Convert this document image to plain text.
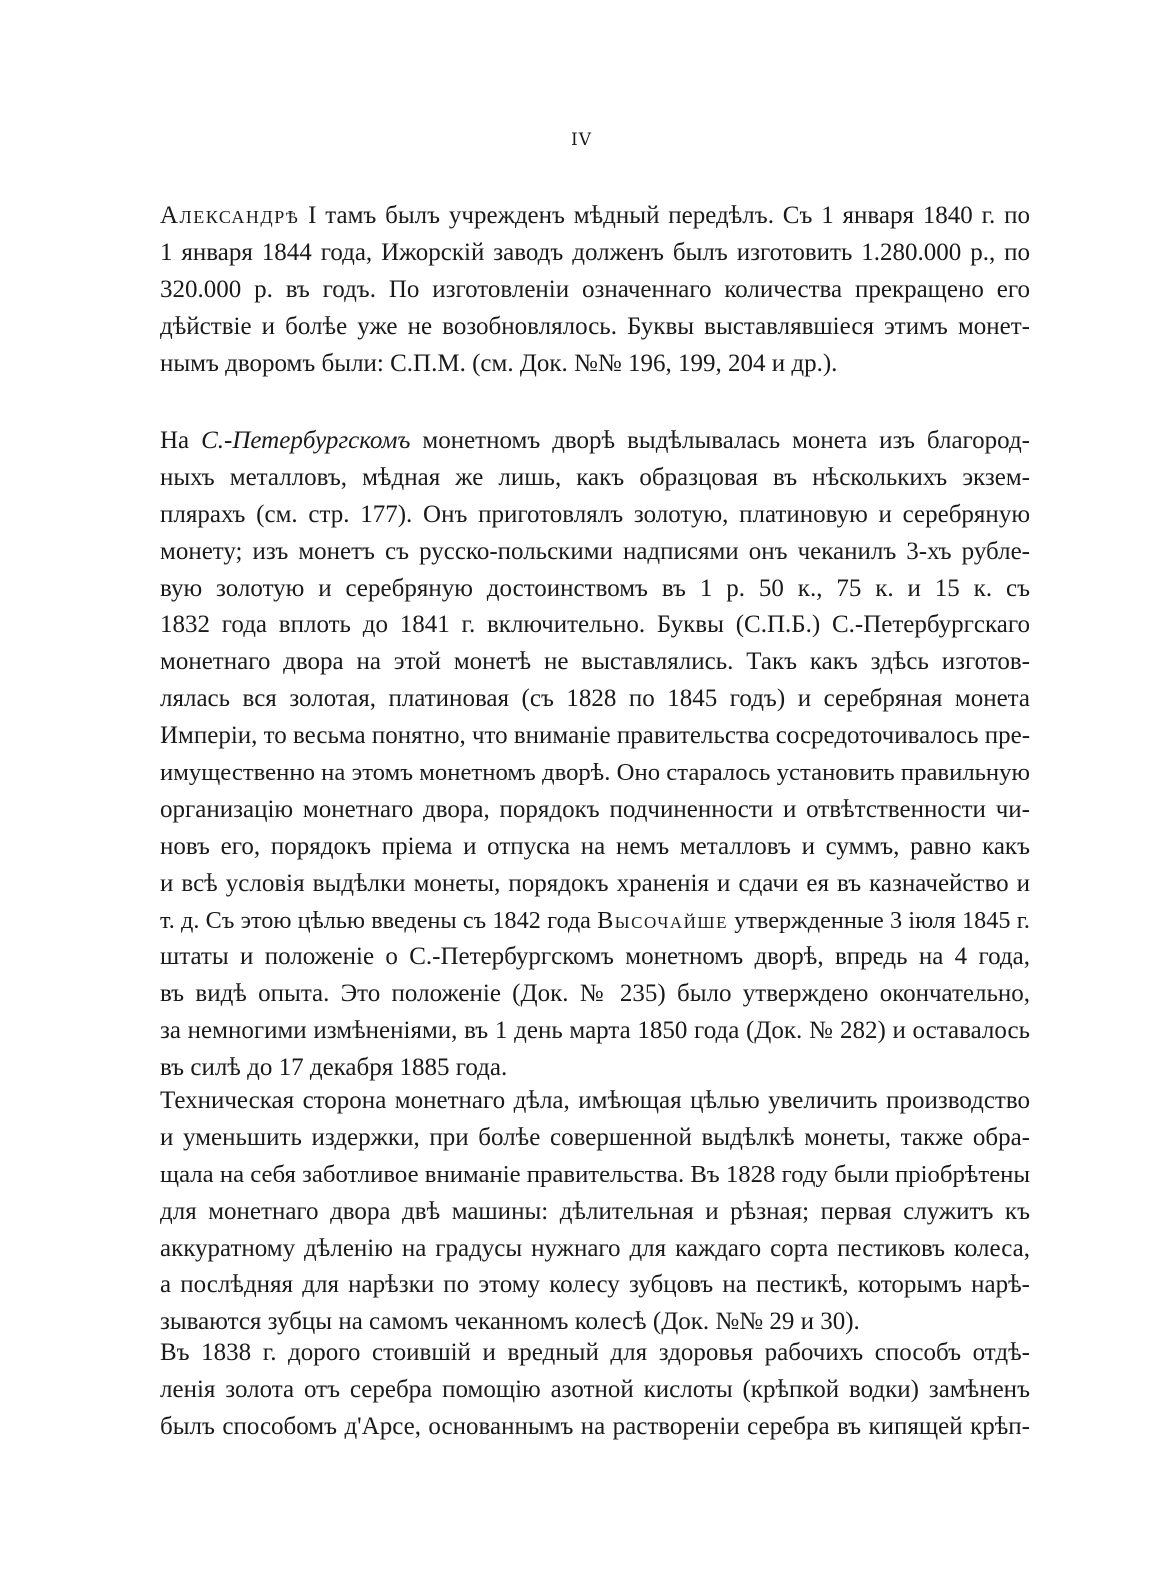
IV
Александрѣ I тамъ былъ учрежденъ мѣдный передѣлъ. Съ 1 января 1840 г. по
1 января 1844 года, Ижорскій заводъ долженъ былъ изготовить 1.280.000 р., по
320.000 р. въ годъ. По изготовленіи означеннаго количества прекращено его
дѣйствіе и болѣе уже не возобновлялось. Буквы выставлявшіеся этимъ монет-
нымъ дворомъ были: С.П.М. (см. Док. №№ 196, 199, 204 и др.).
На С.-Петербургскомъ монетномъ дворѣ выдѣлывалась монета изъ благород-
ныхъ металловъ, мѣдная же лишь, какъ образцовая въ нѣсколькихъ экзем-
плярахъ (см. стр. 177). Онъ приготовлялъ золотую, платиновую и серебряную
монету; изъ монетъ съ русско-польскими надписями онъ чеканилъ 3-хъ рубле-
вую золотую и серебряную достоинствомъ въ 1 р. 50 к., 75 к. и 15 к. съ
1832 года вплоть до 1841 г. включительно. Буквы (С.П.Б.) С.-Петербургскаго
монетнаго двора на этой монетѣ не выставлялись. Такъ какъ здѣсь изготов-
лялась вся золотая, платиновая (съ 1828 по 1845 годъ) и серебряная монета
Имперіи, то весьма понятно, что вниманіе правительства сосредоточивалось пре-
имущественно на этомъ монетномъ дворѣ. Оно старалось установить правильную
организацію монетнаго двора, порядокъ подчиненности и отвѣтственности чи-
новъ его, порядокъ пріема и отпуска на немъ металловъ и суммъ, равно какъ
и всѣ условія выдѣлки монеты, порядокъ храненія и сдачи ея въ казначейство и
т. д. Съ этою цѣлью введены съ 1842 года Высочайше утвержденные 3 іюля 1845 г.
штаты и положеніе о С.-Петербургскомъ монетномъ дворѣ, впредь на 4 года,
въ видѣ опыта. Это положеніе (Док. № 235) было утверждено окончательно,
за немногими измѣненіями, въ 1 день марта 1850 года (Док. № 282) и оставалось
въ силѣ до 17 декабря 1885 года.
Техническая сторона монетнаго дѣла, имѣющая цѣлью увеличить производство
и уменьшить издержки, при болѣе совершенной выдѣлкѣ монеты, также обра-
щала на себя заботливое вниманіе правительства. Въ 1828 году были пріобрѣтены
для монетнаго двора двѣ машины: дѣлительная и рѣзная; первая служитъ къ
аккуратному дѣленію на градусы нужнаго для каждаго сорта пестиковъ колеса,
а послѣдняя для нарѣзки по этому колесу зубцовъ на пестикѣ, которымъ нарѣ-
зываются зубцы на самомъ чеканномъ колесѣ (Док. №№ 29 и 30).
Въ 1838 г. дорого стоившій и вредный для здоровья рабочихъ способъ отдѣ-
ленія золота отъ серебра помощію азотной кислоты (крѣпкой водки) замѣненъ
былъ способомъ д'Арсе, основаннымъ на раствореніи серебра въ кипящей крѣп-
